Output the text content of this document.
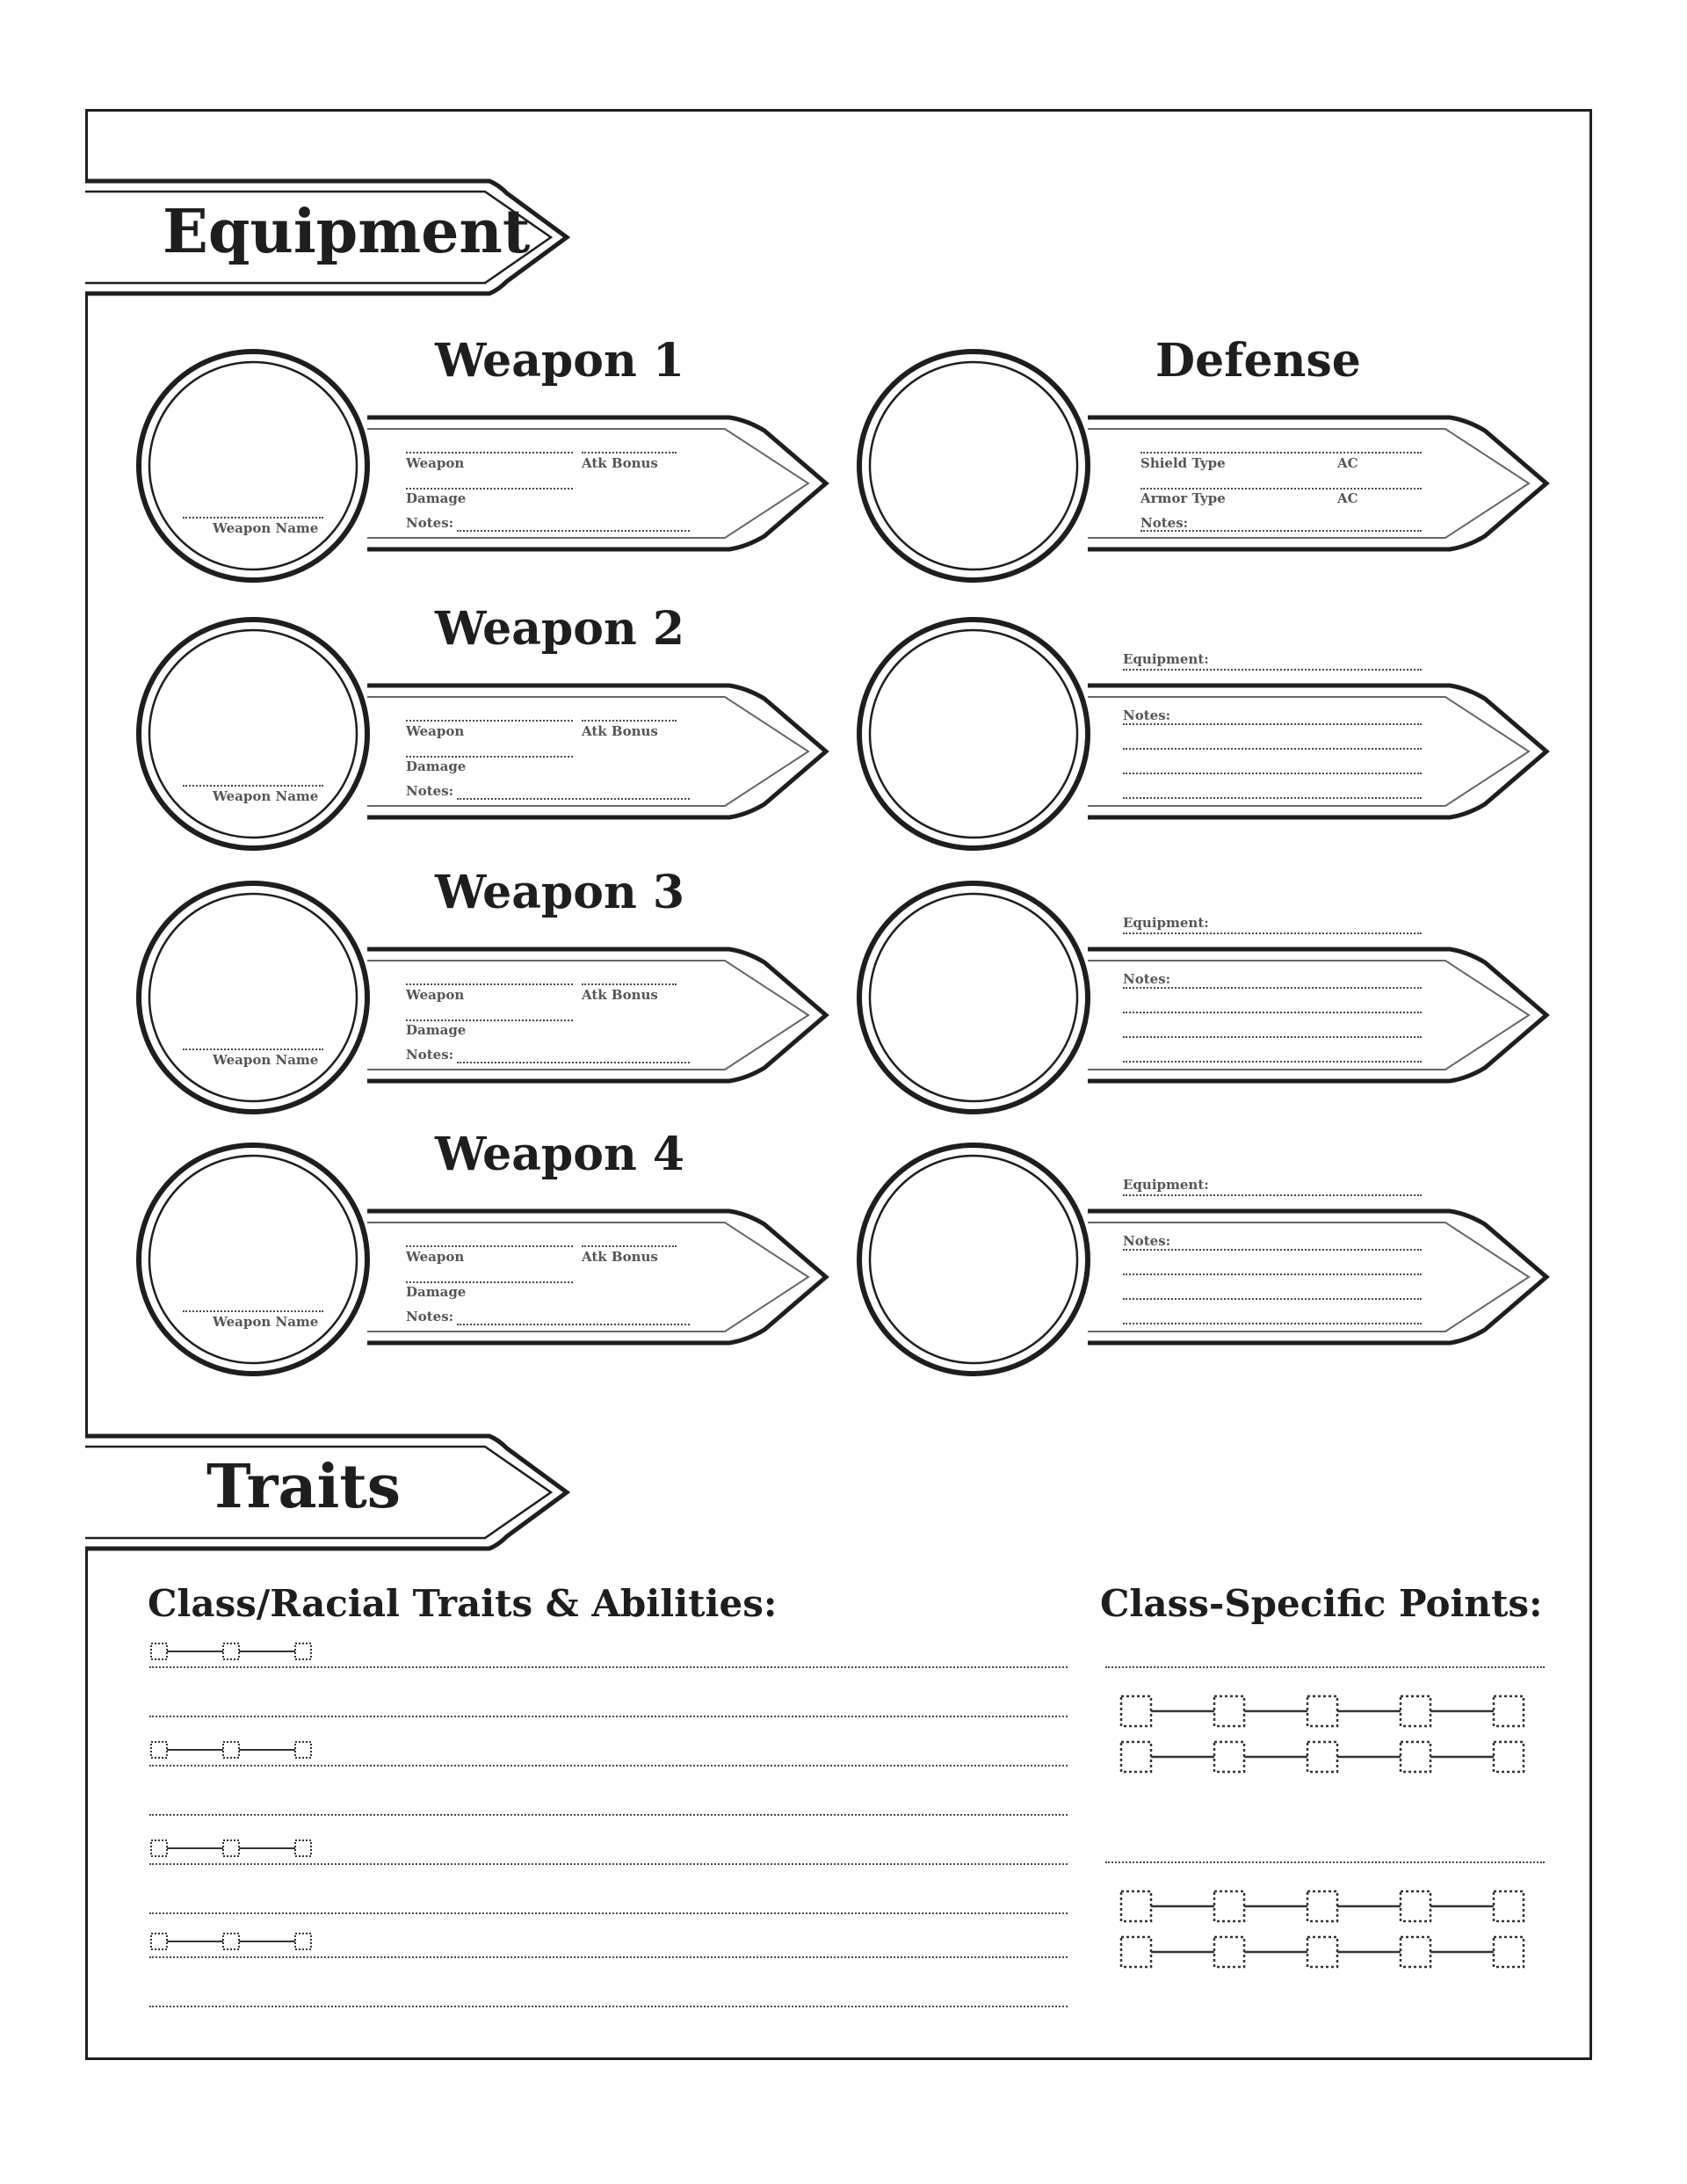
Equipment
Weapon 1
Weapon Name
Weapon	Atk Bonus
Damage
Notes:
Weapon 2
Weapon Name
Weapon	Atk Bonus
Damage
Notes:
Weapon 3
Weapon Name
Weapon	Atk Bonus
Damage
Notes:
Weapon 4
Weapon Name
Weapon	Atk Bonus
Damage
Notes:
Defense
Shield Type	AC
Armor Type	AC
Notes:
Equipment:
Notes:
Equipment:
Notes:
Equipment:
Notes:
Traits
Class/Racial Traits & Abilities:	Class-Specific Points:
